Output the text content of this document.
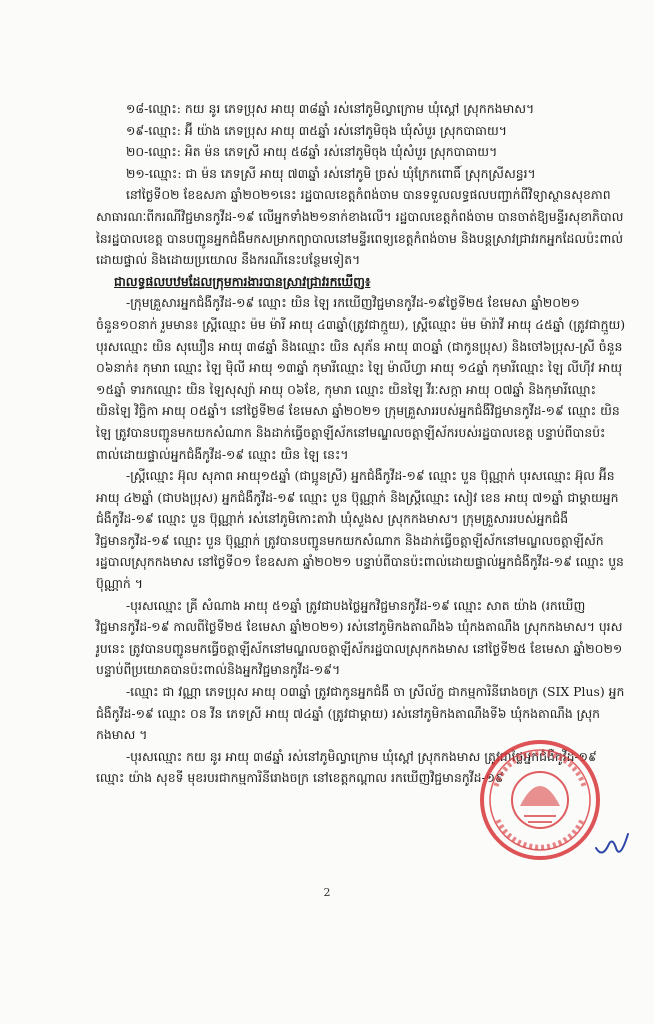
១៨-ឈ្មោះ: កយ នូរ ភេទប្រុស អាយុ ៣៨ឆ្នាំ រស់នៅភូមិល្វាក្រោម ឃុំស្ពៅ ស្រុកកងមាស។

១៩-ឈ្មោះ: អ៊ី យ៉ាង ភេទប្រុស អាយុ ៣៥ឆ្នាំ រស់នៅភូមិចុង ឃុំសំបួរ ស្រុកបាធាយ។

២០-ឈ្មោះ: អិត ម៉ន ភេទស្រី អាយុ ៥៨ឆ្នាំ រស់នៅភូមិចុង ឃុំសំបួរ ស្រុកបាធាយ។

២១-ឈ្មោះ: ជា ម៉ន ភេទស្រី អាយុ ៧៣ឆ្នាំ រស់នៅភូមិ ច្រស់ ឃុំក្រែកពោធិ៍ ស្រុកស្រីសន្ធរ។

នៅថ្ងៃទី០២ ខែឧសភា ឆ្នាំ២០២១នេះ រដ្ឋបាលខេត្តកំពង់ចាម បានទទួលលទ្ធផលបញ្ជាក់ពីវិទ្យាស្ថានសុខភាពសាធារណៈពីករណីវិជ្ជមានកូវីដ-១៩ លើអ្នកទាំង២១នាក់ខាងលើ។ រដ្ឋបាលខេត្តកំពង់ចាម បានចាត់ឱ្យមន្ទីរសុខាភិបាលនៃរដ្ឋបាលខេត្ត បានបញ្ជូនអ្នកជំងឺមកសម្រាកព្យាបាលនៅមន្ទីរពេទ្យខេត្តកំពង់ចាម និងបន្តស្រាវជ្រាវរកអ្នកដែលប៉ះពាល់ដោយផ្ទាល់ និងដោយប្រយោល នឹងករណីនេះបន្ថែមទៀត។

ជាលទ្ធផលបឋមដែលក្រុមការងារបានស្រាវជ្រាវរកឃើញ៖

-ក្រុមគ្រួសារអ្នកជំងឺកូវីដ-១៩ ឈ្មោះ យិន ឡៃ រកឃើញវិជ្ជមានកូវីដ-១៩ថ្ងៃទី២៥ ខែមេសា ឆ្នាំ២០២១ ចំនួន១០នាក់ រួមមាន៖ ស្ត្រីឈ្មោះ ម៉ម ម៉ារី អាយុ ៤៣ឆ្នាំ(ត្រូវជាក្មួយ), ស្ត្រីឈ្មោះ ម៉ម ម៉ារ៉ាវី អាយុ ៤៥ឆ្នាំ (ត្រូវជាក្មួយ) បុរសឈ្មោះ យិន សុឃឿន អាយុ ៣៨ឆ្នាំ និងឈ្មោះ យិន សុភ័ន អាយុ ៣០ឆ្នាំ (ជាកូនប្រុស) និងចៅ៦ប្រុស-ស្រី ចំនួន ០៦នាក់៖ កុមារា ឈ្មោះ ឡៃ ម៉ិលី អាយុ ១៣ឆ្នាំ កុមារីឈ្មោះ ឡៃ ម៉ាលីហ្វា អាយុ ១៤ឆ្នាំ កុមារីឈ្មោះ ឡៃ លីហ៊ីវ អាយុ ១៥ឆ្នាំ ទារកឈ្មោះ យិន ឡៃសុស្យ៉ា អាយុ ០៦ខែ, កុមារា ឈ្មោះ យិនឡៃ វីរៈសក្កា អាយុ ០៧ឆ្នាំ និងកុមារីឈ្មោះ យិនឡៃ វិច្ឆិកា អាយុ ០៥ឆ្នាំ។ នៅថ្ងៃទី២៨ ខែមេសា ឆ្នាំ២០២១ ក្រុមគ្រួសាររបស់អ្នកជំងឺវិជ្ជមានកូវីដ-១៩ ឈ្មោះ យិន ឡៃ ត្រូវបានបញ្ជូនមកយកសំណាក និងដាក់ធ្វើចត្តាឡីស័កនៅមណ្ឌលចត្តាឡីស័ករបស់រដ្ឋបាលខេត្ត បន្ទាប់ពីបានប៉ះពាល់ដោយផ្ទាល់អ្នកជំងឺកូវីដ-១៩ ឈ្មោះ យិន ឡៃ នេះ។

-ស្ត្រីឈ្មោះ អ៊ុល សុភាព អាយុ១៥ឆ្នាំ (ជាប្អូនស្រី) អ្នកជំងឺកូវីដ-១៩ ឈ្មោះ បួន ប៊ុណ្ណាក់ បុរសឈ្មោះ អ៊ុល អ៊ីន អាយុ ៤២ឆ្នាំ (ជាបងប្រុស) អ្នកជំងឺកូវីដ-១៩ ឈ្មោះ បួន ប៊ុណ្ណាក់ និងស្ត្រីឈ្មោះ សៀវ ខេន អាយុ ៧១ឆ្នាំ ជាម្តាយអ្នកជំងឺកូវីដ-១៩ ឈ្មោះ បួន ប៊ុណ្ណាក់ រស់នៅភូមិកោះតាវ៉ា ឃុំសួងស ស្រុកកងមាស។ ក្រុមគ្រួសាររបស់អ្នកជំងឺវិជ្ជមានកូវីដ-១៩ ឈ្មោះ បួន ប៊ុណ្ណាក់ ត្រូវបានបញ្ជូនមកយកសំណាក និងដាក់ធ្វើចត្តាឡីស័កនៅមណ្ឌលចត្តាឡីស័ករដ្ឋបាលស្រុកកងមាស នៅថ្ងៃទី០១ ខែឧសភា ឆ្នាំ២០២១ បន្ទាប់ពីបានប៉ះពាល់ដោយផ្ទាល់អ្នកជំងឺកូវីដ-១៩ ឈ្មោះ បួន ប៊ុណ្ណាក់ ។

-បុរសឈ្មោះ គ្រី សំណាង អាយុ ៥១ឆ្នាំ ត្រូវជាបងថ្លៃអ្នកវិជ្ជមានកូវីដ-១៩ ឈ្មោះ សាត យ៉ាង (រកឃើញវិជ្ជមានកូវីដ-១៩ កាលពីថ្ងៃទី២៥ ខែមេសា ឆ្នាំ២០២១) រស់នៅភូមិកងតាណឹង៦ ឃុំកងតាណឹង ស្រុកកងមាស។ បុរសរូបនេះ ត្រូវបានបញ្ជូនមកធ្វើចត្តាឡីស័កនៅមណ្ឌលចត្តាឡីស័ករដ្ឋបាលស្រុកកងមាស នៅថ្ងៃទី២៥ ខែមេសា ឆ្នាំ២០២១ បន្ទាប់ពីប្រយោគបានប៉ះពាល់និងអ្នកវិជ្ជមានកូវីដ-១៩។

-ឈ្មោះ ជា វណ្ណា ភេទប្រុស អាយុ ០៣ឆ្នាំ ត្រូវជាកូនអ្នកជំងឺ ចា ស្រីល័ក្ខ ជាកម្មការិនីរោងចក្រ (SIX Plus) អ្នកជំងឺកូវីដ-១៩ ឈ្មោះ ០ន វីន ភេទស្រី អាយុ ៧៤ឆ្នាំ (ត្រូវជាម្តាយ) រស់នៅភូមិកងតាណឹងទី៦ ឃុំកងតាណឹង ស្រុកកងមាស ។

-បុរសឈ្មោះ កយ នូរ អាយុ ៣៨ឆ្នាំ រស់នៅភូមិល្វាក្រោម ឃុំស្ពៅ ស្រុកកងមាស ត្រូវជាថ្លៃអ្នកជំងឺកូវីដ-១៩ ឈ្មោះ យ៉ាង សុខទី មុខរបរជាកម្មការិនីរោងចក្រ នៅខេត្តកណ្តាល រកឃើញវិជ្ជមានកូវីដ-១៩

2
